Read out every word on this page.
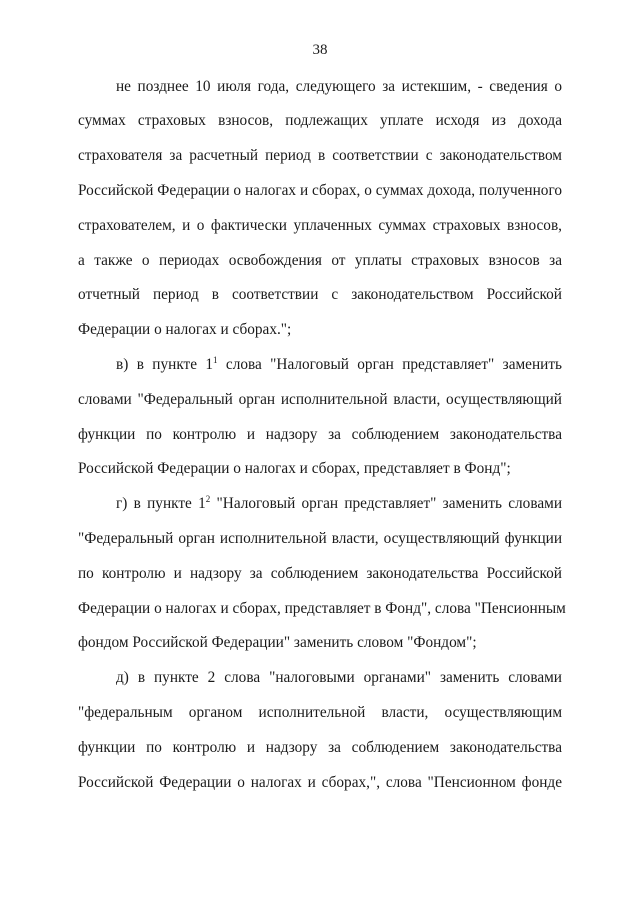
38
не позднее 10 июля года, следующего за истекшим, - сведения о
суммах страховых взносов, подлежащих уплате исходя из дохода
страхователя за расчетный период в соответствии с законодательством
Российской Федерации о налогах и сборах, о суммах дохода, полученного
страхователем, и о фактически уплаченных суммах страховых взносов,
а также о периодах освобождения от уплаты страховых взносов за
отчетный период в соответствии с законодательством Российской
Федерации о налогах и сборах.";
в) в пункте $1^1$ слова "Налоговый орган представляет" заменить
словами "Федеральный орган исполнительной власти, осуществляющий
функции по контролю и надзору за соблюдением законодательства
Российской Федерации о налогах и сборах, представляет в Фонд";
г) в пункте $1^2$ "Налоговый орган представляет" заменить словами
"Федеральный орган исполнительной власти, осуществляющий функции
по контролю и надзору за соблюдением законодательства Российской
Федерации о налогах и сборах, представляет в Фонд", слова "Пенсионным
фондом Российской Федерации" заменить словом "Фондом";
д) в пункте 2 слова "налоговыми органами" заменить словами
"федеральным органом исполнительной власти, осуществляющим
функции по контролю и надзору за соблюдением законодательства
Российской Федерации о налогах и сборах,", слова "Пенсионном фонде
